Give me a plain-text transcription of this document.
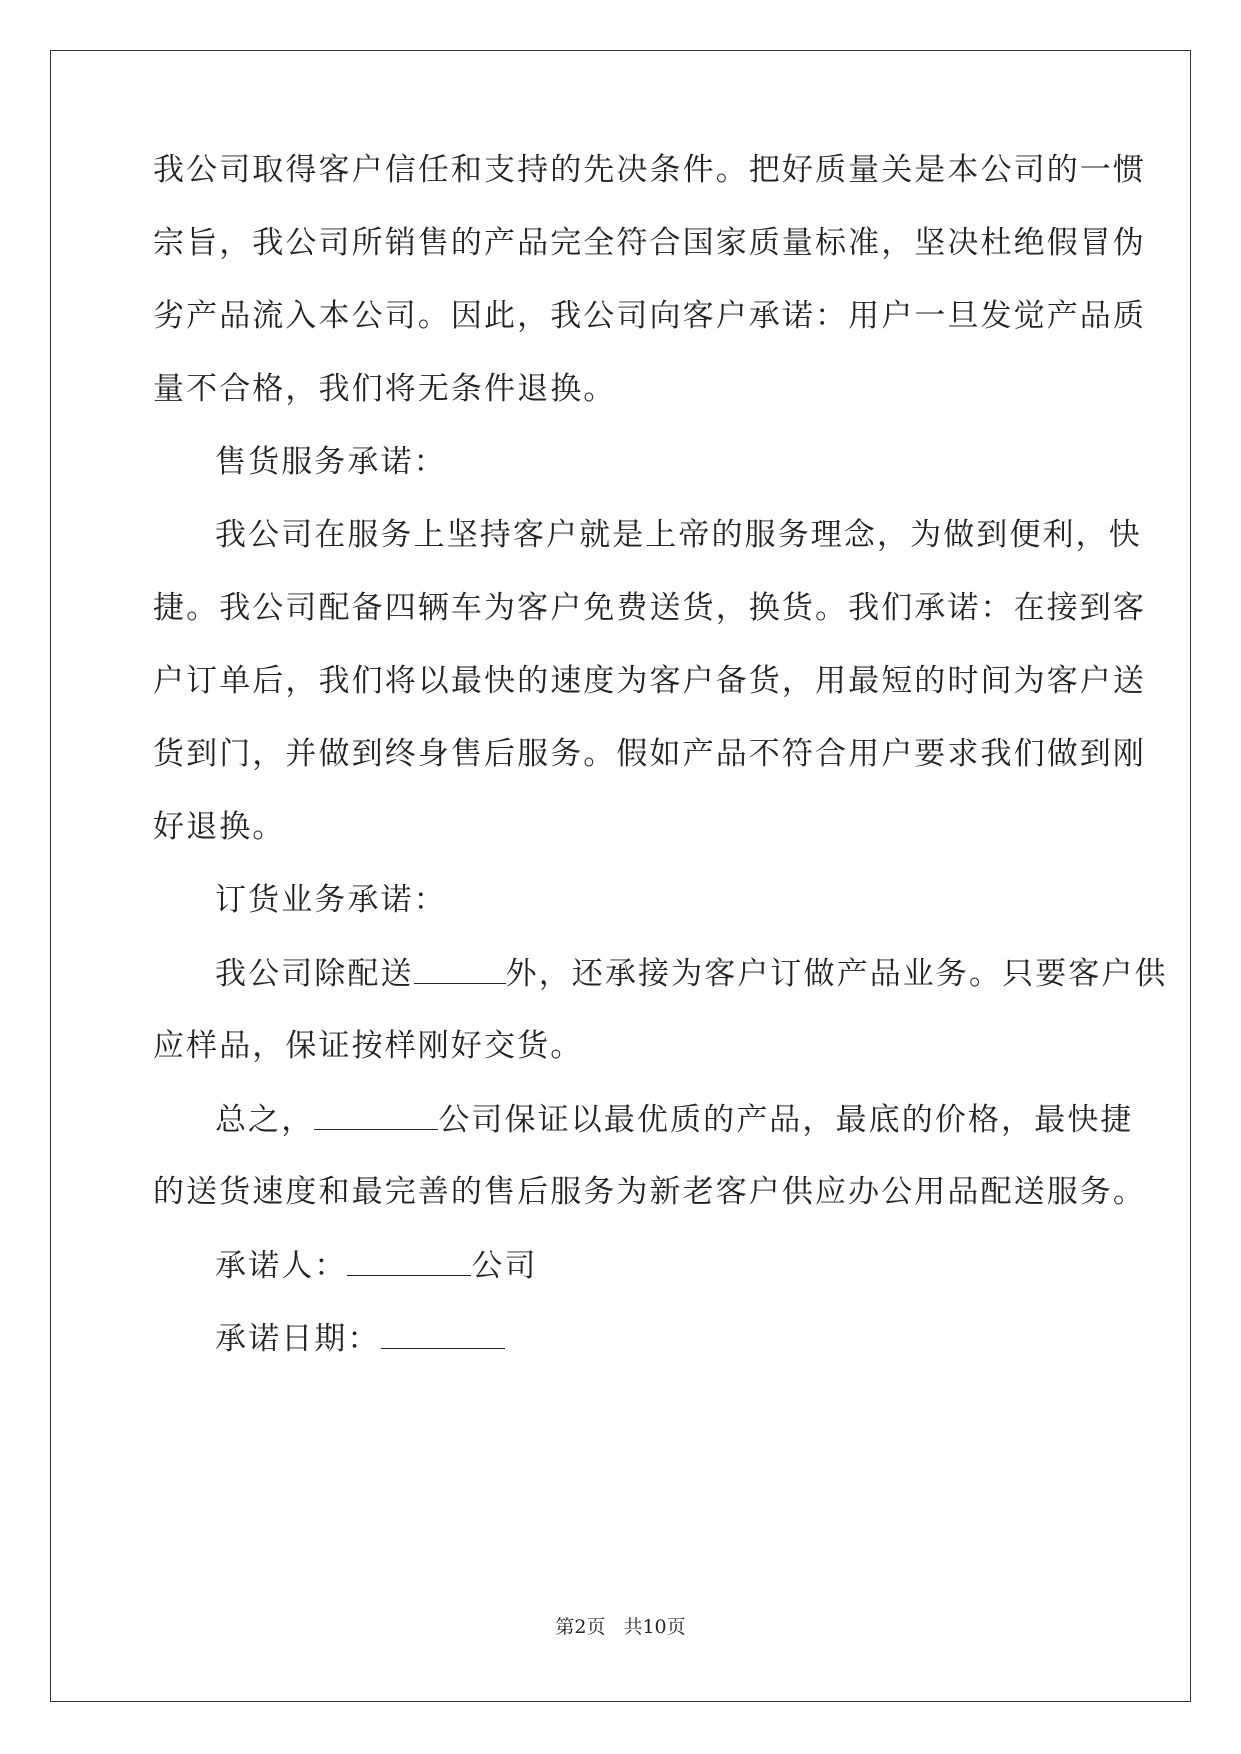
我公司取得客户信任和支持的先决条件。把好质量关是本公司的一惯
宗旨，我公司所销售的产品完全符合国家质量标准，坚决杜绝假冒伪
劣产品流入本公司。因此，我公司向客户承诺：用户一旦发觉产品质
量不合格，我们将无条件退换。
售货服务承诺：
我公司在服务上坚持客户就是上帝的服务理念，为做到便利，快
捷。我公司配备四辆车为客户免费送货，换货。我们承诺：在接到客
户订单后，我们将以最快的速度为客户备货，用最短的时间为客户送
货到门，并做到终身售后服务。假如产品不符合用户要求我们做到刚
好退换。
订货业务承诺：
我公司除配送	外，还承接为客户订做产品业务。只要客户供
应样品，保证按样刚好交货。
总之，	公司保证以最优质的产品，最底的价格，最快捷
的送货速度和最完善的售后服务为新老客户供应办公用品配送服务。
承诺人：	公司
承诺日期：
第2页 共10页
